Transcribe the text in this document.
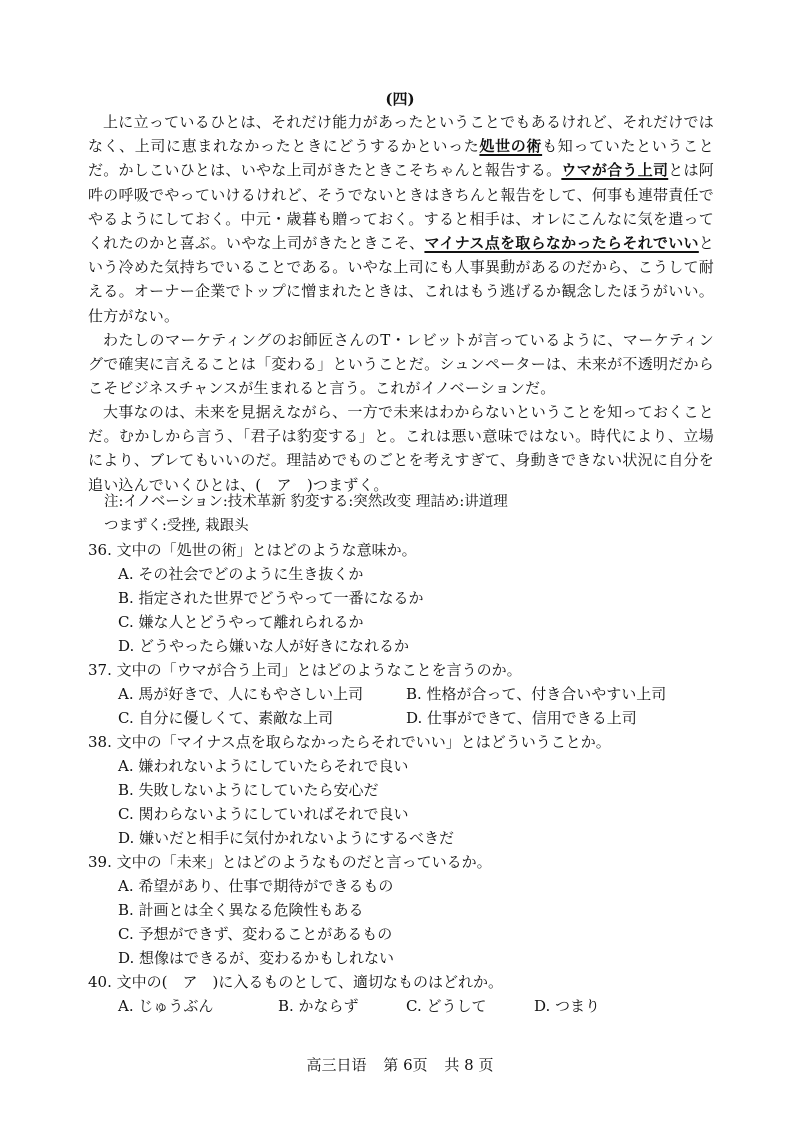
(四)
上に立っているひとは、それだけ能力があったということでもあるけれど、それだけではなく、上司に恵まれなかったときにどうするかといった処世の術も知っていたということだ。かしこいひとは、いやな上司がきたときこそちゃんと報告する。ウマが合う上司とは阿吽の呼吸でやっていけるけれど、そうでないときはきちんと報告をして、何事も連帯責任でやるようにしておく。中元・歳暮も贈っておく。すると相手は、オレにこんなに気を遣ってくれたのかと喜ぶ。いやな上司がきたときこそ、マイナス点を取らなかったらそれでいいという冷めた気持ちでいることである。いやな上司にも人事異動があるのだから、こうして耐える。オーナー企業でトップに憎まれたときは、これはもう逃げるか観念したほうがいい。仕方がない。
わたしのマーケティングのお師匠さんのT・レビットが言っているように、マーケティングで確実に言えることは「変わる」ということだ。シュンペーターは、未来が不透明だからこそビジネスチャンスが生まれると言う。これがイノベーションだ。
大事なのは、未来を見据えながら、一方で未来はわからないということを知っておくことだ。むかしから言う、「君子は豹変する」と。これは悪い意味ではない。時代により、立場により、ブレてもいいのだ。理詰めでものごとを考えすぎて、身動きできない状況に自分を追い込んでいくひとは、(　ア　)つまずく。
注:イノベーション:技术革新 豹変する:突然改变 理詰め:讲道理
つまずく:受挫, 栽跟头
36. 文中の「処世の術」とはどのような意味か。
A. その社会でどのように生き抜くか
B. 指定された世界でどうやって一番になるか
C. 嫌な人とどうやって離れられるか
D. どうやったら嫌いな人が好きになれるか
37. 文中の「ウマが合う上司」とはどのようなことを言うのか。
A. 馬が好きで、人にもやさしい上司	B. 性格が合って、付き合いやすい上司
C. 自分に優しくて、素敵な上司	D. 仕事ができて、信用できる上司
38. 文中の「マイナス点を取らなかったらそれでいい」とはどういうことか。
A. 嫌われないようにしていたらそれで良い
B. 失敗しないようにしていたら安心だ
C. 関わらないようにしていればそれで良い
D. 嫌いだと相手に気付かれないようにするべきだ
39. 文中の「未来」とはどのようなものだと言っているか。
A. 希望があり、仕事で期待ができるもの
B. 計画とは全く異なる危険性もある
C. 予想ができず、変わることがあるもの
D. 想像はできるが、変わるかもしれない
40. 文中の(　ア　)に入るものとして、適切なものはどれか。
A. じゅうぶん	B. かならず	C. どうして	D. つまり
高三日语 第 6页 共 8 页
